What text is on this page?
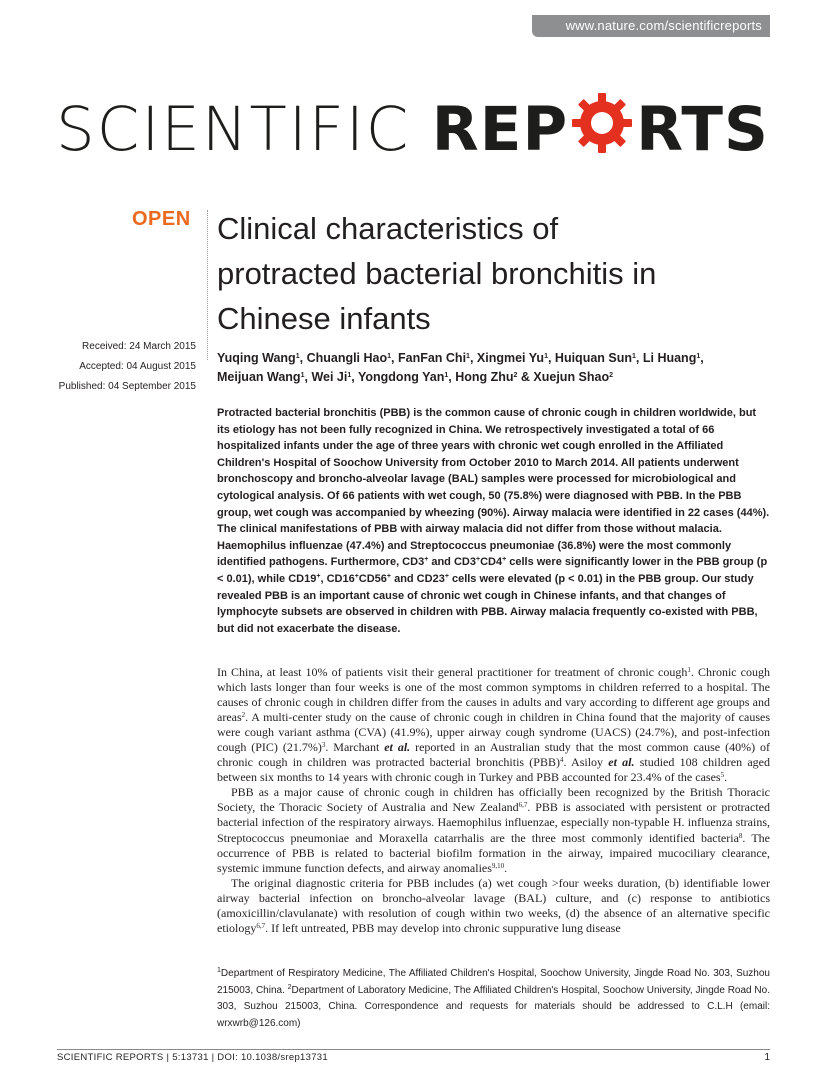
www.nature.com/scientificreports
SCIENTIFIC REP RTS
OPEN Clinical characteristics of
protracted bacterial bronchitis in
Chinese infants
Received: 24 March 2015
Accepted: 04 August 2015
Published: 04 September 2015
Yuqing Wang$^1$, Chuangli Hao$^1$, FanFan Chi$^1$, Xingmei Yu$^1$, Huiquan Sun$^1$, Li Huang$^1$,
Meijuan Wang$^1$, Wei Ji$^1$, Yongdong Yan$^1$, Hong Zhu$^2$ & Xuejun Shao$^2$

Protracted bacterial bronchitis (PBB) is the common cause of chronic cough in children worldwide, but its etiology has not been fully recognized in China. We retrospectively investigated a total of 66 hospitalized infants under the age of three years with chronic wet cough enrolled in the Affiliated Children's Hospital of Soochow University from October 2010 to March 2014. All patients underwent bronchoscopy and broncho-alveolar lavage (BAL) samples were processed for microbiological and cytological analysis. Of 66 patients with wet cough, 50 (75.8%) were diagnosed with PBB. In the PBB group, wet cough was accompanied by wheezing (90%). Airway malacia were identified in 22 cases (44%). The clinical manifestations of PBB with airway malacia did not differ from those without malacia. Haemophilus influenzae (47.4%) and Streptococcus pneumoniae (36.8%) were the most commonly identified pathogens. Furthermore, CD3+ and CD3+CD4+ cells were significantly lower in the PBB group (p < 0.01), while CD19+, CD16+CD56+ and CD23+ cells were elevated (p < 0.01) in the PBB group. Our study revealed PBB is an important cause of chronic wet cough in Chinese infants, and that changes of lymphocyte subsets are observed in children with PBB. Airway malacia frequently co-existed with PBB, but did not exacerbate the disease.

In China, at least 10% of patients visit their general practitioner for treatment of chronic cough$^1$. Chronic cough which lasts longer than four weeks is one of the most common symptoms in children referred to a hospital. The causes of chronic cough in children differ from the causes in adults and vary according to different age groups and areas$^2$. A multi-center study on the cause of chronic cough in children in China found that the majority of causes were cough variant asthma (CVA) (41.9%), upper airway cough syndrome (UACS) (24.7%), and post-infection cough (PIC) $(21.7\%)^3$. Marchant et al. reported in an Australian study that the most common cause (40%) of chronic cough in children was protracted bacterial bronchitis (PBB)$^4$. Asiloy et al. studied 108 children aged between six months to 14 years with chronic cough in Turkey and PBB accounted for 23.4% of the cases$^5$.

PBB as a major cause of chronic cough in children has officially been recognized by the British Thoracic Society, the Thoracic Society of Australia and New Zealand$^{6,7}$. PBB is associated with persistent or protracted bacterial infection of the respiratory airways. Haemophilus influenzae, especially non-typable H. influenza strains, Streptococcus pneumoniae and Moraxella catarrhalis are the three most commonly identified bacteria$^8$. The occurrence of PBB is related to bacterial biofilm formation in the airway, impaired mucociliary clearance, systemic immune function defects, and airway anomalies$^{9,10}$.

The original diagnostic criteria for PBB includes (a) wet cough >four weeks duration, (b) identifiable lower airway bacterial infection on broncho-alveolar lavage (BAL) culture, and (c) response to antibiotics (amoxicillin/clavulanate) with resolution of cough within two weeks, (d) the absence of an alternative specific etiology$^{6,7}$. If left untreated, PBB may develop into chronic suppurative lung disease

$^1$Department of Respiratory Medicine, The Affiliated Children's Hospital, Soochow University, Jingde Road No. 303, Suzhou 215003, China. $^2$Department of Laboratory Medicine, The Affiliated Children's Hospital, Soochow University, Jingde Road No. 303, Suzhou 215003, China. Correspondence and requests for materials should be addressed to C.L.H (email: wrxwrb@126.com)
SCIENTIFIC REPORTS | 5:13731 | DOI: 10.1038/srep13731	1
